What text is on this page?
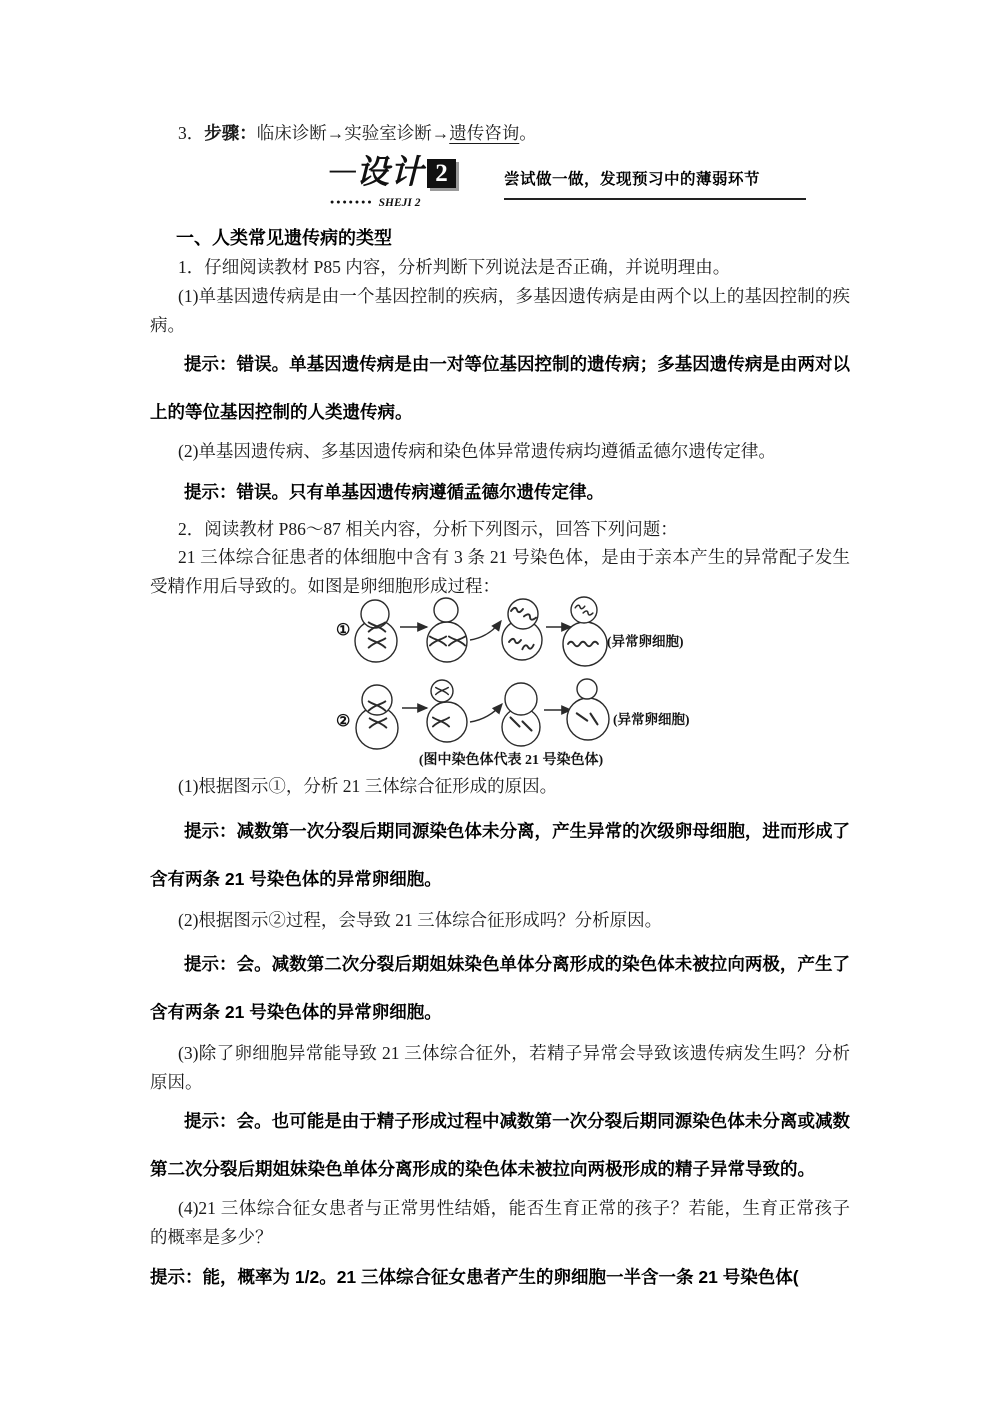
3．步骤：临床诊断→实验室诊断→遗传咨询。

—设计 2
●●●●●●● SHEJI 2
尝试做一做，发现预习中的薄弱环节

一、人类常见遗传病的类型

1．仔细阅读教材 P85 内容，分析判断下列说法是否正确，并说明理由。

(1)单基因遗传病是由一个基因控制的疾病，多基因遗传病是由两个以上的基因控制的疾病。

提示：错误。单基因遗传病是由一对等位基因控制的遗传病；多基因遗传病是由两对以上的等位基因控制的人类遗传病。

(2)单基因遗传病、多基因遗传病和染色体异常遗传病均遵循孟德尔遗传定律。

提示：错误。只有单基因遗传病遵循孟德尔遗传定律。

2．阅读教材 P86～87 相关内容，分析下列图示，回答下列问题：

21 三体综合征患者的体细胞中含有 3 条 21 号染色体，是由于亲本产生的异常配子发生受精作用后导致的。如图是卵细胞形成过程：

①
(异常卵细胞)
②	(异常卵细胞)
(图中染色体代表 21 号染色体)

(1)根据图示①，分析 21 三体综合征形成的原因。

提示：减数第一次分裂后期同源染色体未分离，产生异常的次级卵母细胞，进而形成了含有两条 21 号染色体的异常卵细胞。

(2)根据图示②过程，会导致 21 三体综合征形成吗？分析原因。

提示：会。减数第二次分裂后期姐妹染色单体分离形成的染色体未被拉向两极，产生了含有两条 21 号染色体的异常卵细胞。

(3)除了卵细胞异常能导致 21 三体综合征外，若精子异常会导致该遗传病发生吗？分析原因。

提示：会。也可能是由于精子形成过程中减数第一次分裂后期同源染色体未分离或减数第二次分裂后期姐妹染色单体分离形成的染色体未被拉向两极形成的精子异常导致的。

(4)21 三体综合征女患者与正常男性结婚，能否生育正常的孩子？若能，生育正常孩子的概率是多少？

提示：能，概率为 1/2。21 三体综合征女患者产生的卵细胞一半含一条 21 号染色体(
